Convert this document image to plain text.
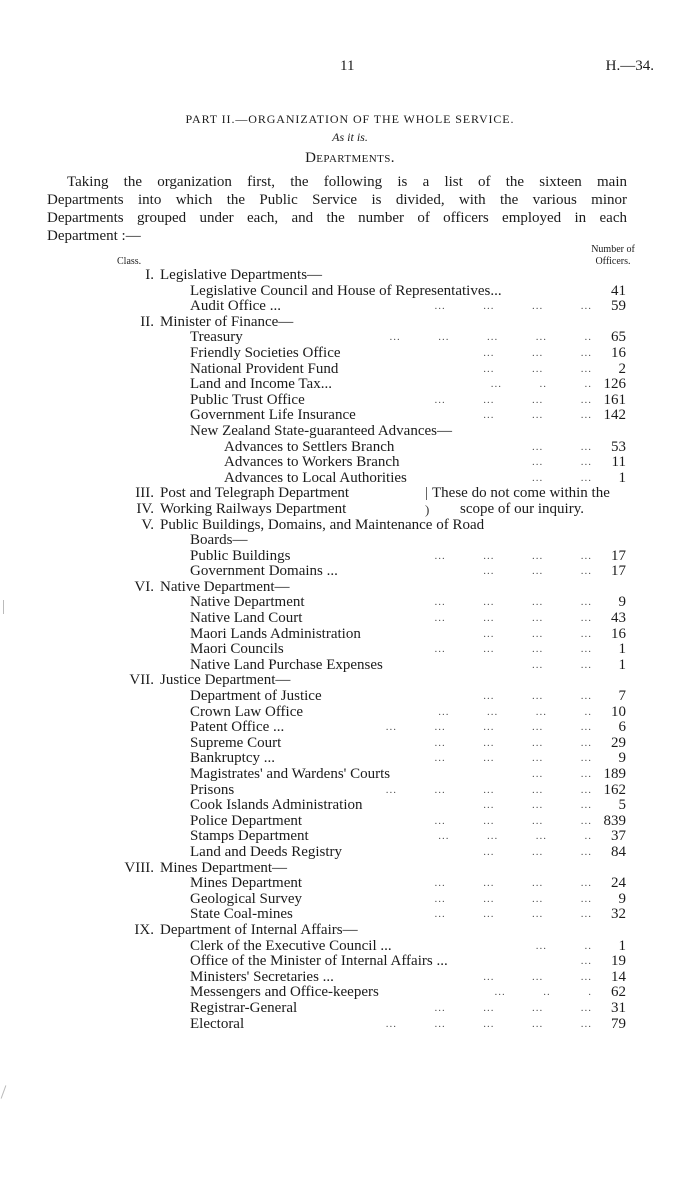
11	H.—34.
PART II.—ORGANIZATION OF THE WHOLE SERVICE.
As it is.
Departments.
Taking the organization first, the following is a list of the sixteen main
Departments into which the Public Service is divided, with the various minor
Departments grouped under each, and the number of officers employed in each
Department :—
Class.
Number of
Officers.
I. Legislative Departments—
Legislative Council and House of Representatives...	41
Audit Office ...	...          ...          ...          ... 59
II. Minister of Finance—
Treasury	...          ...          ...          ...          .. 65
Friendly Societies Office	...          ...          ... 16
National Provident Fund	...          ...          ... 2
Land and Income Tax...	...          ..          .. 126
Public Trust Office	...          ...          ...          ... 161
Government Life Insurance	...          ...          ... 142
New Zealand State-guaranteed Advances—
Advances to Settlers Branch	...          ... 53
Advances to Workers Branch	...          ... 11
Advances to Local Authorities	...          ... 1
III. Post and Telegraph Department	| These do not come within the
IV. Working Railways Department	) scope of our inquiry.
V. Public Buildings, Domains, and Maintenance of Road
Boards—
Public Buildings	...          ...          ...          ... 17
Government Domains ...	...          ...          ... 17
VI. Native Department—
Native Department	...          ...          ...          ... 9
Native Land Court	...          ...          ...          ... 43
Maori Lands Administration	...          ...          ... 16
Maori Councils	...          ...          ...          ... 1
Native Land Purchase Expenses	...          ... 1
VII. Justice Department—
Department of Justice	...          ...          ... 7
Crown Law Office	...          ...          ...          .. 10
Patent Office ...	...          ...          ...          ...          ... 6
Supreme Court	...          ...          ...          ... 29
Bankruptcy ...	...          ...          ...          ... 9
Magistrates' and Wardens' Courts	...          ... 189
Prisons	...          ...          ...          ...          ... 162
Cook Islands Administration	...          ...          ... 5
Police Department	...          ...          ...          ... 839
Stamps Department	...          ...          ...          .. 37
Land and Deeds Registry	...          ...          ... 84
VIII. Mines Department—
Mines Department	...          ...          ...          ... 24
Geological Survey	...          ...          ...          ... 9
State Coal-mines	...          ...          ...          ... 32
IX. Department of Internal Affairs—
Clerk of the Executive Council ...	...          .. 1
Office of the Minister of Internal Affairs ...	... 19
Ministers' Secretaries ...	...          ...          ... 14
Messengers and Office-keepers	...          ..          . 62
Registrar-General	...          ...          ...          ... 31
Electoral	...          ...          ...          ...          ... 79
